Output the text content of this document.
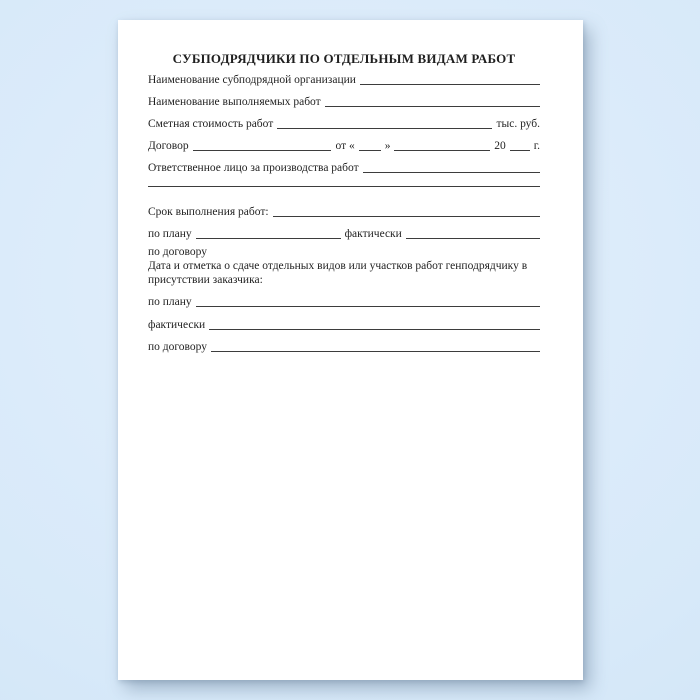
СУБПОДРЯДЧИКИ ПО ОТДЕЛЬНЫМ ВИДАМ РАБОТ
Наименование субподрядной организации
Наименование выполняемых работ
Сметная стоимость работ	тыс. руб.
Договор	от «	»	20 г.
Ответственное лицо за производства работ
Срок выполнения работ:
по плану	фактически
по договору
Дата и отметка о сдаче отдельных видов или участков работ генподрядчику в
присутствии заказчика:
по плану
фактически
по договору
